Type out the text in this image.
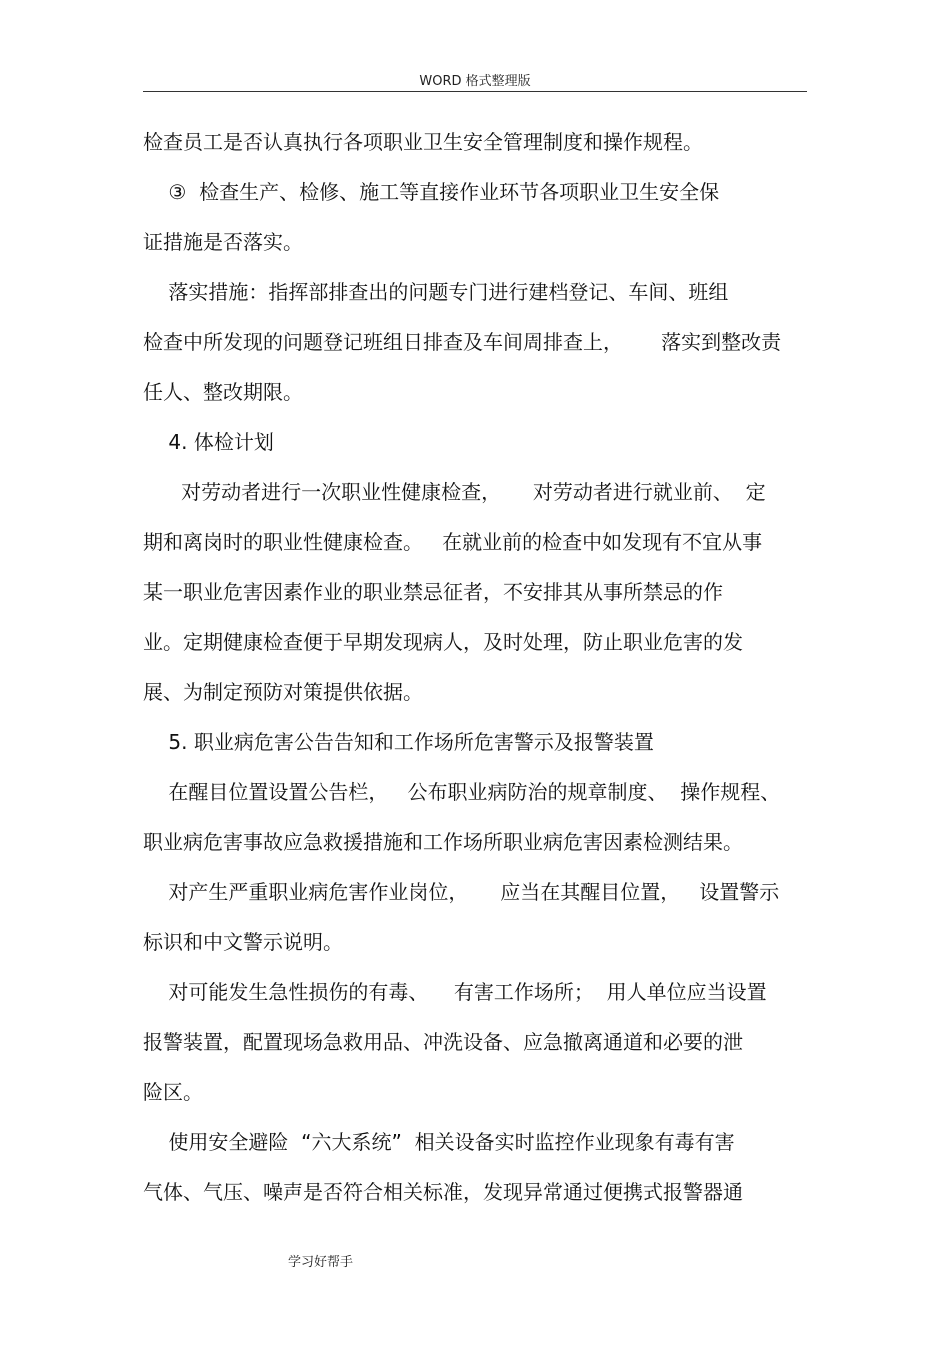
WORD 格式整理版
检查员工是否认真执行各项职业卫生安全管理制度和操作规程。
③  检查生产、检修、施工等直接作业环节各项职业卫生安全保
证措施是否落实。
落实措施：指挥部排查出的问题专门进行建档登记、车间、班组
检查中所发现的问题登记班组日排查及车间周排查上，      落实到整改责
任人、整改期限。
4. 体检计划
对劳动者进行一次职业性健康检查，     对劳动者进行就业前、  定
期和离岗时的职业性健康检查。   在就业前的检查中如发现有不宜从事
某一职业危害因素作业的职业禁忌征者，不安排其从事所禁忌的作
业。定期健康检查便于早期发现病人，及时处理，防止职业危害的发
展、为制定预防对策提供依据。
5. 职业病危害公告告知和工作场所危害警示及报警装置
在醒目位置设置公告栏，   公布职业病防治的规章制度、  操作规程、
职业病危害事故应急救援措施和工作场所职业病危害因素检测结果。
对产生严重职业病危害作业岗位，     应当在其醒目位置，   设置警示
标识和中文警示说明。
对可能发生急性损伤的有毒、    有害工作场所；  用人单位应当设置
报警装置，配置现场急救用品、冲洗设备、应急撤离通道和必要的泄
险区。
使用安全避险  “六大系统”  相关设备实时监控作业现象有毒有害
气体、气压、噪声是否符合相关标准，发现异常通过便携式报警器通
学习好帮手
